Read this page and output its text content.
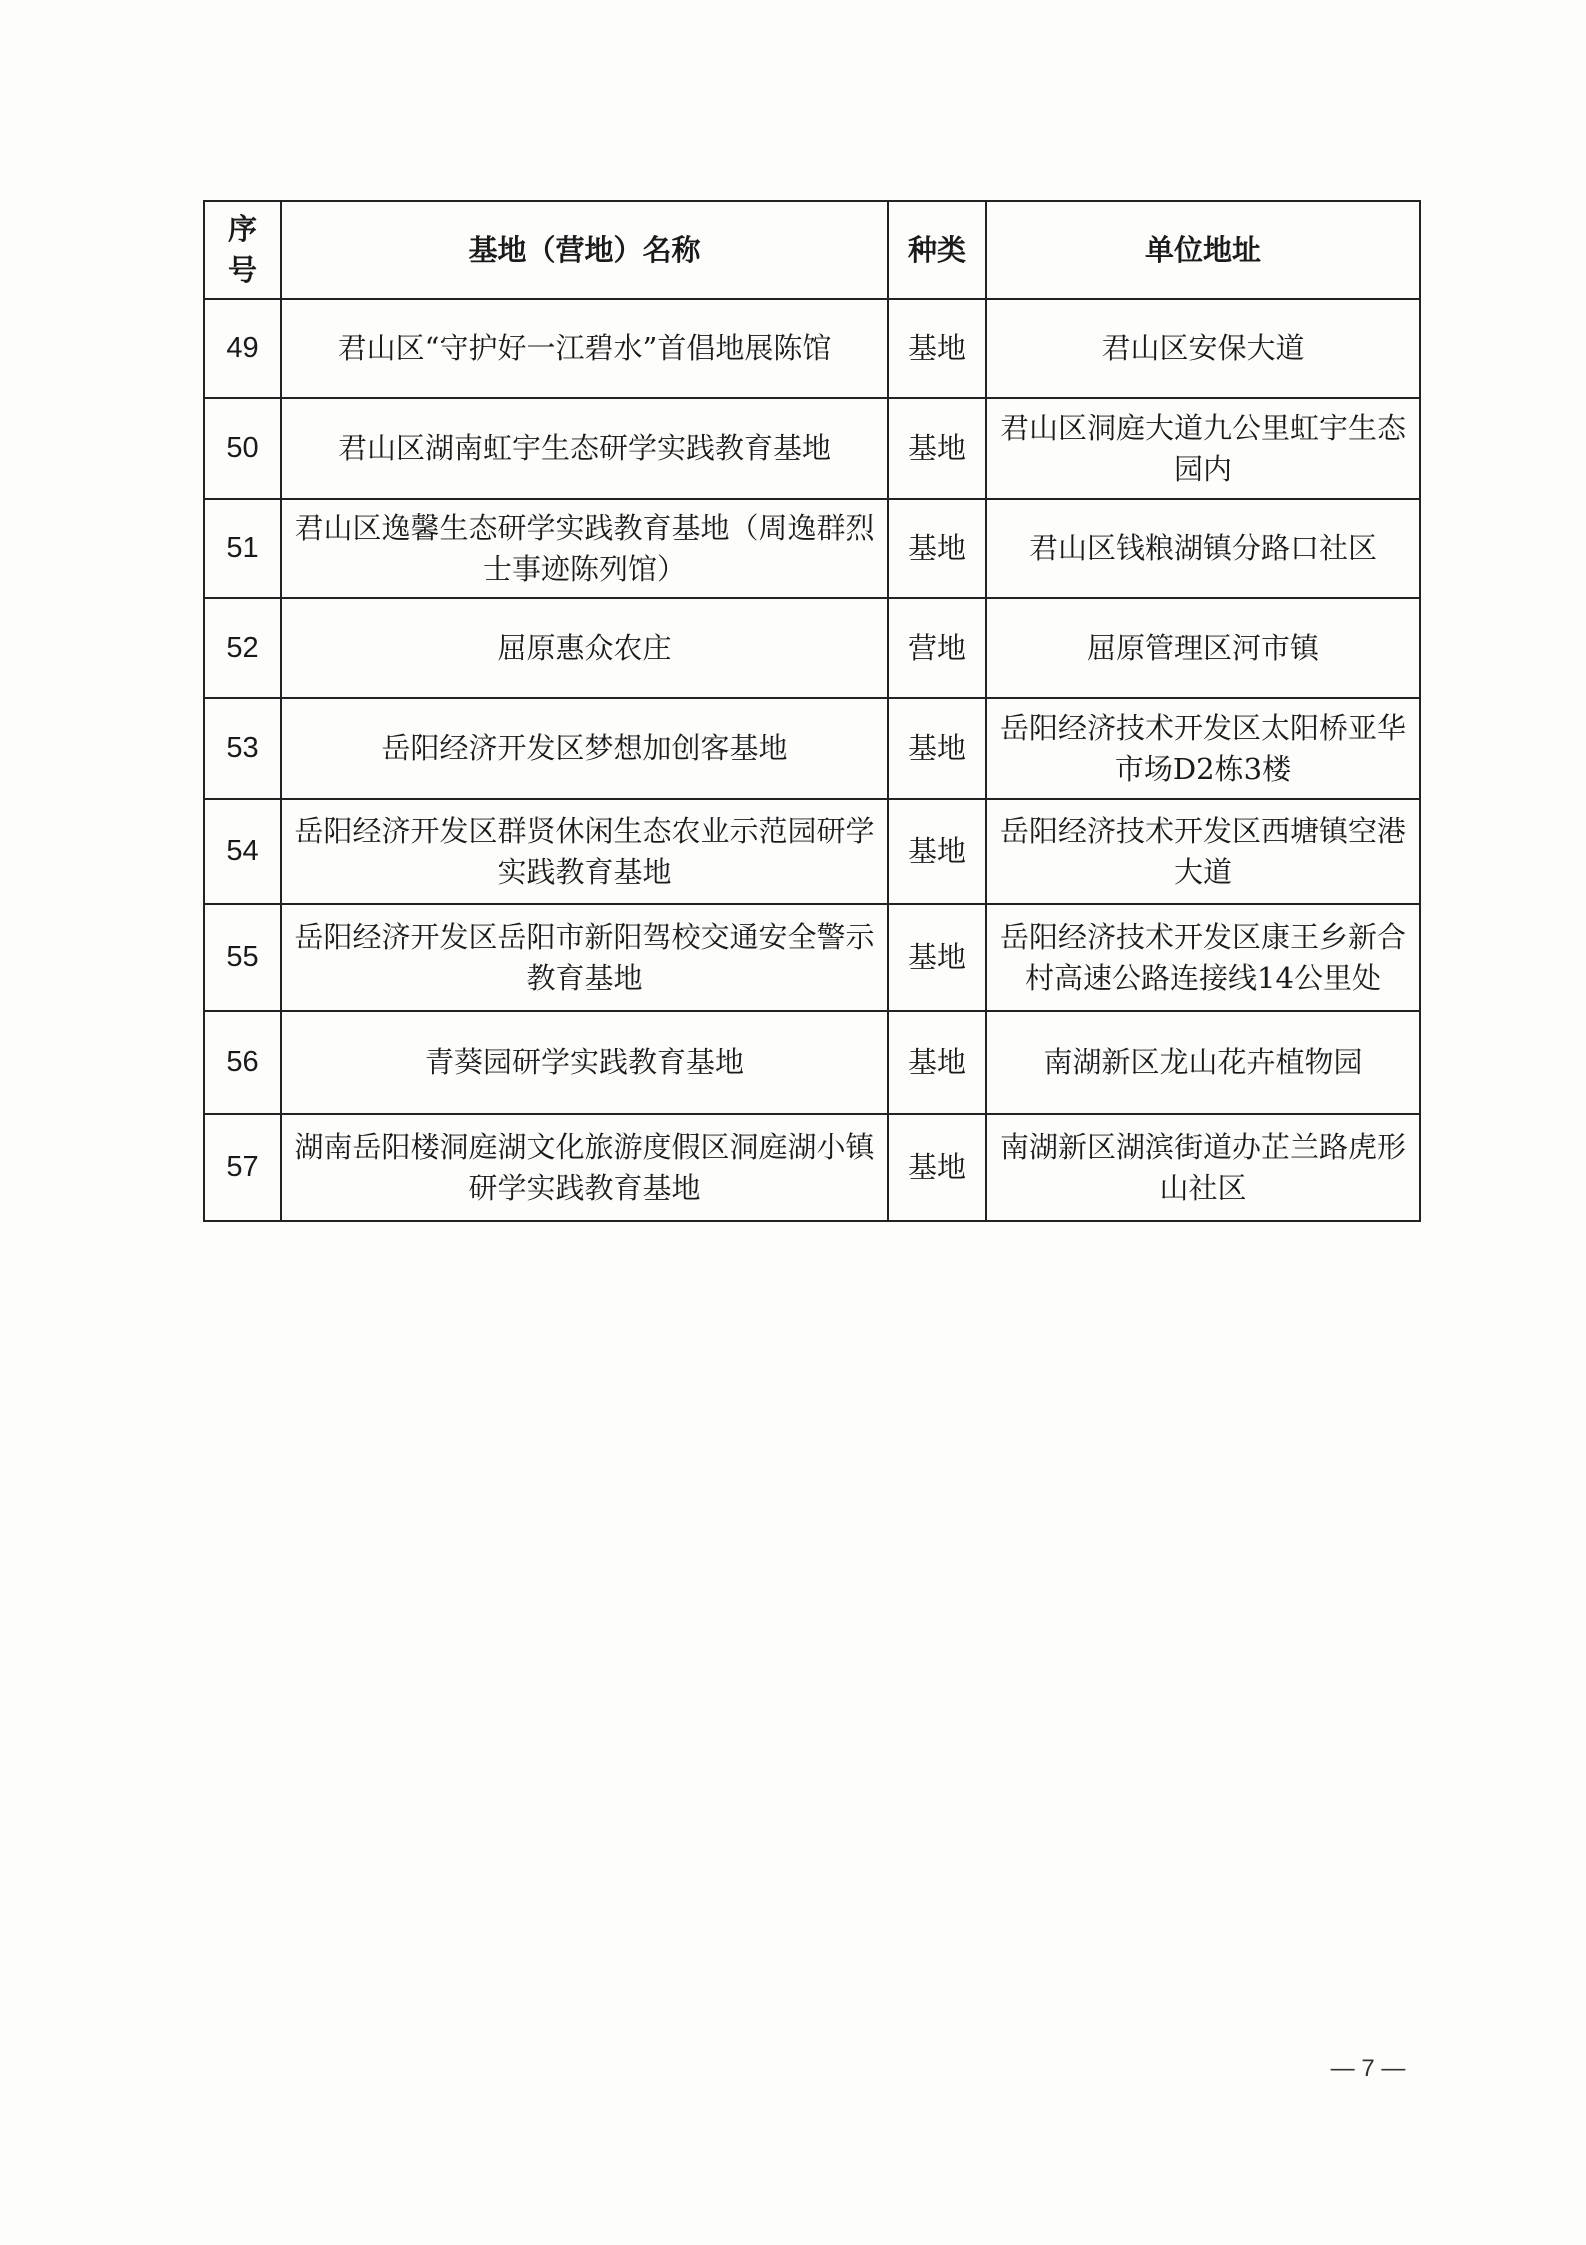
序号	基地（营地）名称	种类	单位地址
49	君山区“守护好一江碧水”首倡地展陈馆	基地	君山区安保大道
50	君山区湖南虹宇生态研学实践教育基地	基地	君山区洞庭大道九公里虹宇生态园内
51	君山区逸馨生态研学实践教育基地（周逸群烈士事迹陈列馆）	基地	君山区钱粮湖镇分路口社区
52	屈原惠众农庄	营地	屈原管理区河市镇
53	岳阳经济开发区梦想加创客基地	基地	岳阳经济技术开发区太阳桥亚华市场D2栋3楼
54	岳阳经济开发区群贤休闲生态农业示范园研学实践教育基地	基地	岳阳经济技术开发区西塘镇空港大道
55	岳阳经济开发区岳阳市新阳驾校交通安全警示教育基地	基地	岳阳经济技术开发区康王乡新合村高速公路连接线14公里处
56	青葵园研学实践教育基地	基地	南湖新区龙山花卉植物园
57	湖南岳阳楼洞庭湖文化旅游度假区洞庭湖小镇研学实践教育基地	基地	南湖新区湖滨街道办芷兰路虎形山社区
— 7 —
